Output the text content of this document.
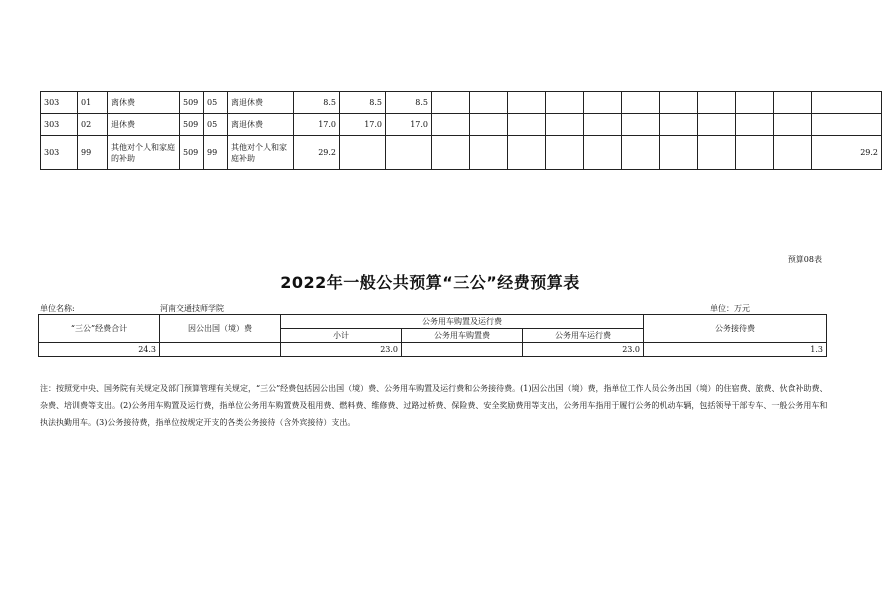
303	01	离休费	509	05	离退休费	8.5	8.5	8.5											
303	02	退休费	509	05	离退休费	17.0	17.0	17.0											
303	99	其他对个人和家庭的补助	509	99	其他对个人和家庭补助	29.2													29.2
预算08表
2022年一般公共预算“三公”经费预算表
单位名称:	河南交通技师学院	单位：万元
“三公”经费合计	因公出国（境）费	公务用车购置及运行费			公务接待费
		小计	公务用车购置费	公务用车运行费	
24.3		23.0		23.0	1.3
注：按照党中央、国务院有关规定及部门预算管理有关规定，“三公”经费包括因公出国（境）费、公务用车购置及运行费和公务接待费。(1)因公出国（境）费，指单位工作人员公务出国（境）的住宿费、旅费、伙食补助费、杂费、培训费等支出。(2)公务用车购置及运行费，指单位公务用车购置费及租用费、燃料费、维修费、过路过桥费、保险费、安全奖励费用等支出，公务用车指用于履行公务的机动车辆，包括领导干部专车、一般公务用车和执法执勤用车。(3)公务接待费，指单位按规定开支的各类公务接待（含外宾接待）支出。
